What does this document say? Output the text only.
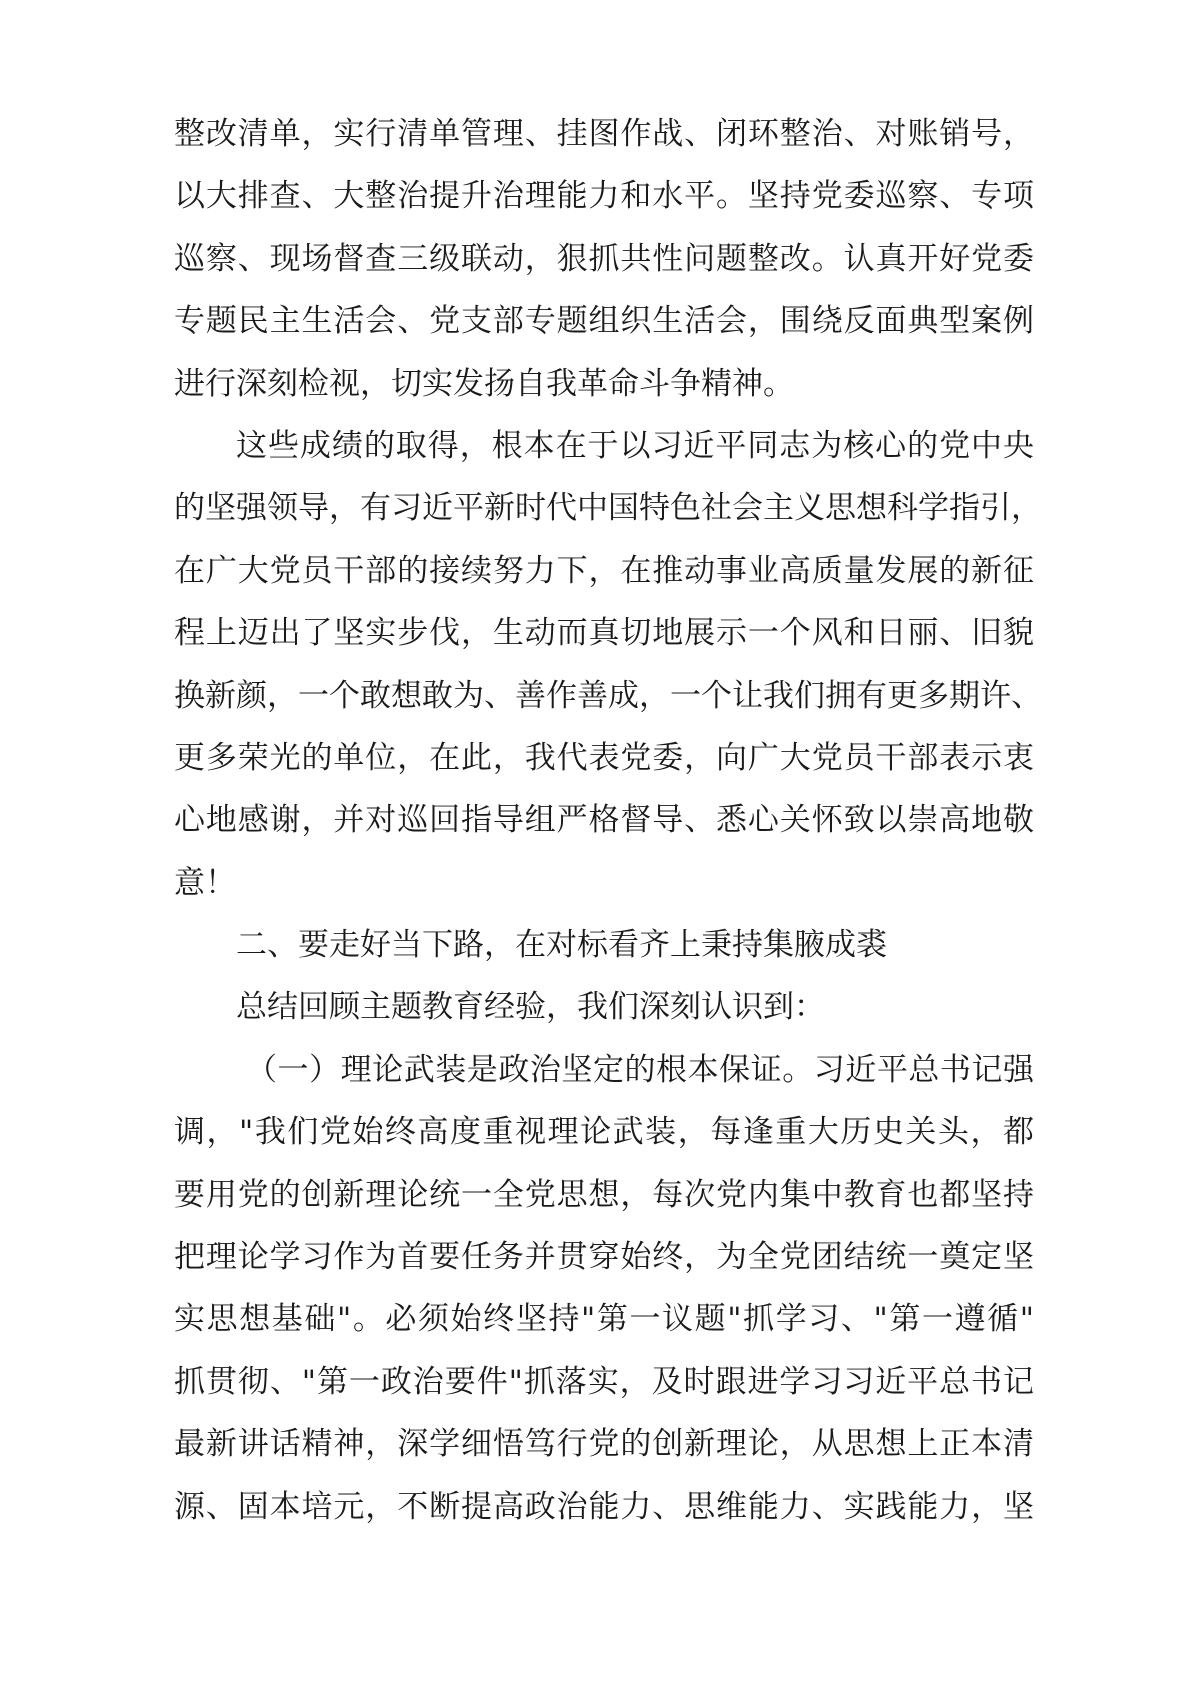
整改清单，实行清单管理、挂图作战、闭环整治、对账销号，
以大排查、大整治提升治理能力和水平。坚持党委巡察、专项
巡察、现场督查三级联动，狠抓共性问题整改。认真开好党委
专题民主生活会、党支部专题组织生活会，围绕反面典型案例
进行深刻检视，切实发扬自我革命斗争精神。
这些成绩的取得，根本在于以习近平同志为核心的党中央
的坚强领导，有习近平新时代中国特色社会主义思想科学指引，
在广大党员干部的接续努力下，在推动事业高质量发展的新征
程上迈出了坚实步伐，生动而真切地展示一个风和日丽、旧貌
换新颜，一个敢想敢为、善作善成，一个让我们拥有更多期许、
更多荣光的单位，在此，我代表党委，向广大党员干部表示衷
心地感谢，并对巡回指导组严格督导、悉心关怀致以崇高地敬
意！
二、要走好当下路，在对标看齐上秉持集腋成裘
总结回顾主题教育经验，我们深刻认识到：
（一）理论武装是政治坚定的根本保证。习近平总书记强
调，"我们党始终高度重视理论武装，每逢重大历史关头，都
要用党的创新理论统一全党思想，每次党内集中教育也都坚持
把理论学习作为首要任务并贯穿始终，为全党团结统一奠定坚
实思想基础"。必须始终坚持"第一议题"抓学习、"第一遵循"
抓贯彻、"第一政治要件"抓落实，及时跟进学习习近平总书记
最新讲话精神，深学细悟笃行党的创新理论，从思想上正本清
源、固本培元，不断提高政治能力、思维能力、实践能力，坚
